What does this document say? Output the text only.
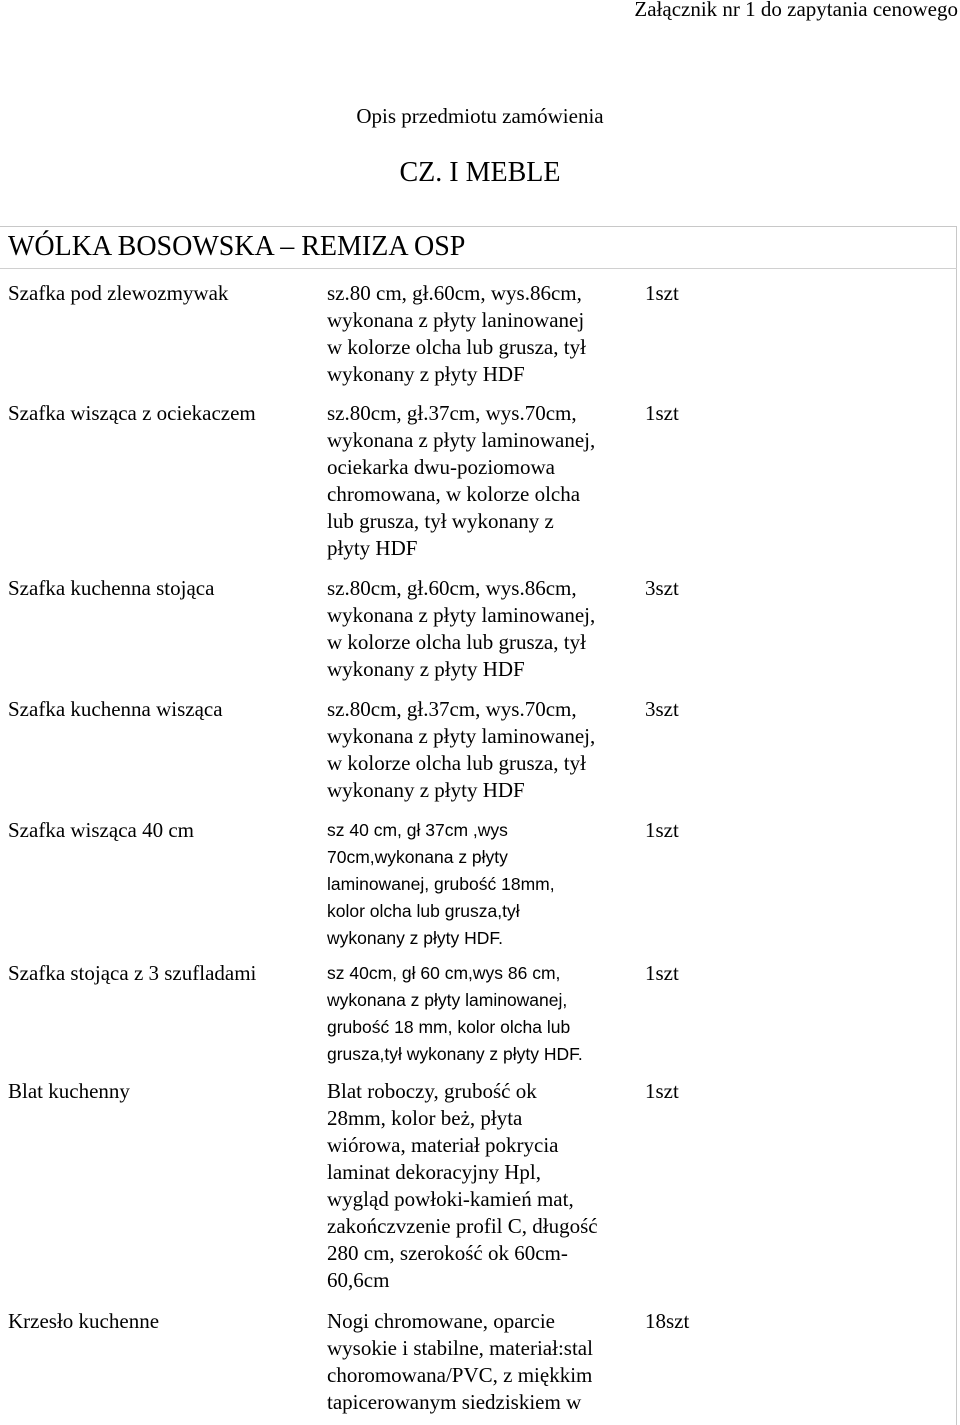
Załącznik nr 1 do zapytania cenowego
Opis przedmiotu zamówienia
CZ. I MEBLE
WÓLKA BOSOWSKA – REMIZA OSP
Szafka pod zlewozmywak	sz.80 cm, gł.60cm, wys.86cm,
wykonana z płyty laninowanej
w kolorze olcha lub grusza, tył
wykonany z płyty HDF
1szt
Szafka wisząca z ociekaczem	sz.80cm, gł.37cm, wys.70cm,
wykonana z płyty laminowanej,
ociekarka dwu-poziomowa
chromowana, w kolorze olcha
lub grusza, tył wykonany z
płyty HDF
1szt
Szafka kuchenna stojąca	sz.80cm, gł.60cm, wys.86cm,
wykonana z płyty laminowanej,
w kolorze olcha lub grusza, tył
wykonany z płyty HDF
3szt
Szafka kuchenna wisząca	sz.80cm, gł.37cm, wys.70cm,
wykonana z płyty laminowanej,
w kolorze olcha lub grusza, tył
wykonany z płyty HDF
3szt
Szafka wisząca 40 cm	sz 40 cm, gł 37cm ,wys
70cm,wykonana z płyty
laminowanej, grubość 18mm,
kolor olcha lub grusza,tył
wykonany z płyty HDF.
1szt
Szafka stojąca z 3 szufladami	sz 40cm, gł 60 cm,wys 86 cm,
wykonana z płyty laminowanej,
grubość 18 mm, kolor olcha lub
grusza,tył wykonany z płyty HDF.
1szt
Blat kuchenny	Blat roboczy, grubość ok
28mm, kolor beż, płyta
wiórowa, materiał pokrycia
laminat dekoracyjny Hpl,
wygląd powłoki-kamień mat,
zakończvzenie profil C, długość
280 cm, szerokość ok 60cm-
60,6cm
1szt
Krzesło kuchenne	Nogi chromowane, oparcie
wysokie i stabilne, materiał:stal
choromowana/PVC, z miękkim
tapicerowanym siedziskiem w
18szt
